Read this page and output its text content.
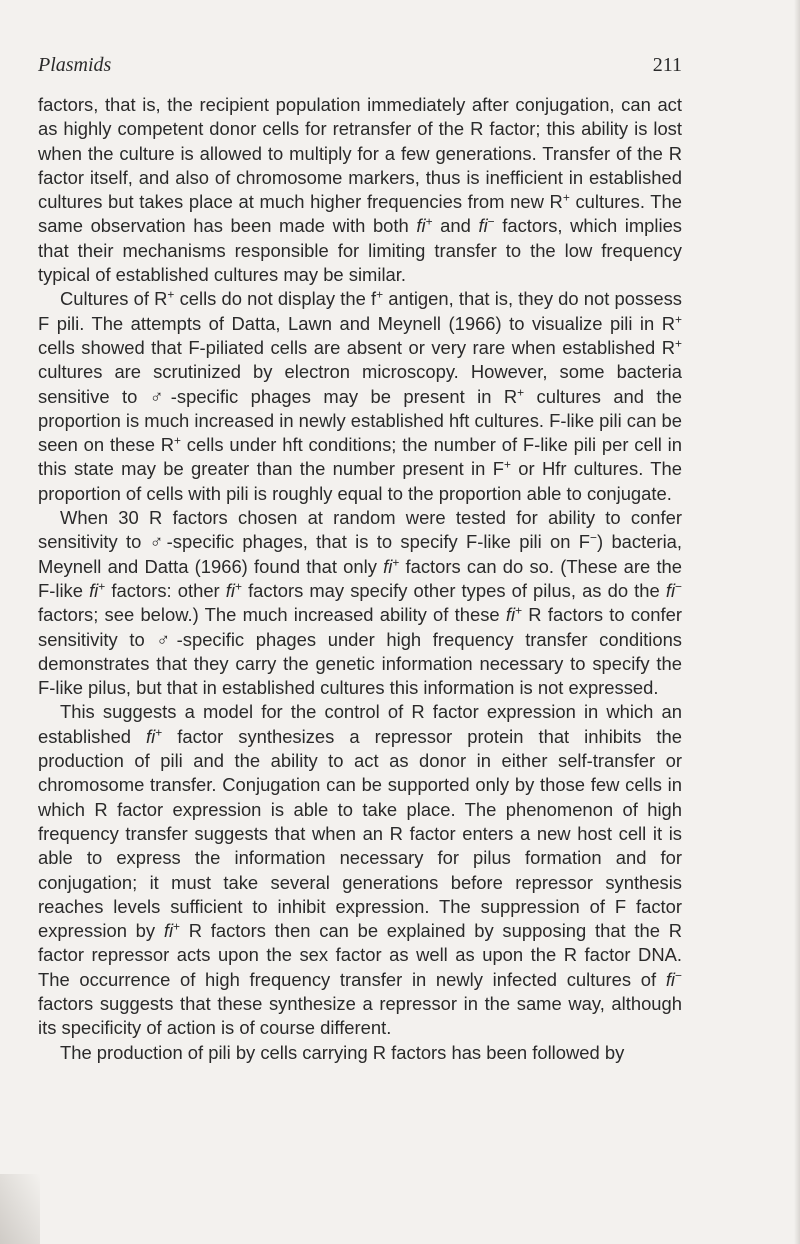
Plasmids	211

factors, that is, the recipient population immediately after conjugation, can act as highly competent donor cells for retransfer of the R factor; this ability is lost when the culture is allowed to multiply for a few generations. Transfer of the R factor itself, and also of chromosome markers, thus is inefficient in established cultures but takes place at much higher frequencies from new R+ cultures. The same observation has been made with both fi+ and fi− factors, which implies that their mechanisms responsible for limiting transfer to the low frequency typical of established cultures may be similar.

Cultures of R+ cells do not display the f+ antigen, that is, they do not possess F pili. The attempts of Datta, Lawn and Meynell (1966) to visualize pili in R+ cells showed that F-piliated cells are absent or very rare when established R+ cultures are scrutinized by electron microscopy. However, some bacteria sensitive to ♂-specific phages may be present in R+ cultures and the proportion is much increased in newly established hft cultures. F-like pili can be seen on these R+ cells under hft conditions; the number of F-like pili per cell in this state may be greater than the number present in F+ or Hfr cultures. The proportion of cells with pili is roughly equal to the proportion able to conjugate.

When 30 R factors chosen at random were tested for ability to confer sensitivity to ♂-specific phages, that is to specify F-like pili on F−) bacteria, Meynell and Datta (1966) found that only fi+ factors can do so. (These are the F-like fi+ factors: other fi+ factors may specify other types of pilus, as do the fi− factors; see below.) The much increased ability of these fi+ R factors to confer sensitivity to ♂-specific phages under high frequency transfer conditions demonstrates that they carry the genetic information necessary to specify the F-like pilus, but that in established cultures this information is not expressed.

This suggests a model for the control of R factor expression in which an established fi+ factor synthesizes a repressor protein that inhibits the production of pili and the ability to act as donor in either self-transfer or chromosome transfer. Conjugation can be supported only by those few cells in which R factor expression is able to take place. The phenomenon of high frequency transfer suggests that when an R factor enters a new host cell it is able to express the information necessary for pilus formation and for conjugation; it must take several generations before repressor synthesis reaches levels sufficient to inhibit expression. The suppression of F factor expression by fi+ R factors then can be explained by supposing that the R factor repressor acts upon the sex factor as well as upon the R factor DNA. The occurrence of high frequency transfer in newly infected cultures of fi− factors suggests that these synthesize a repressor in the same way, although its specificity of action is of course different.

The production of pili by cells carrying R factors has been followed by
